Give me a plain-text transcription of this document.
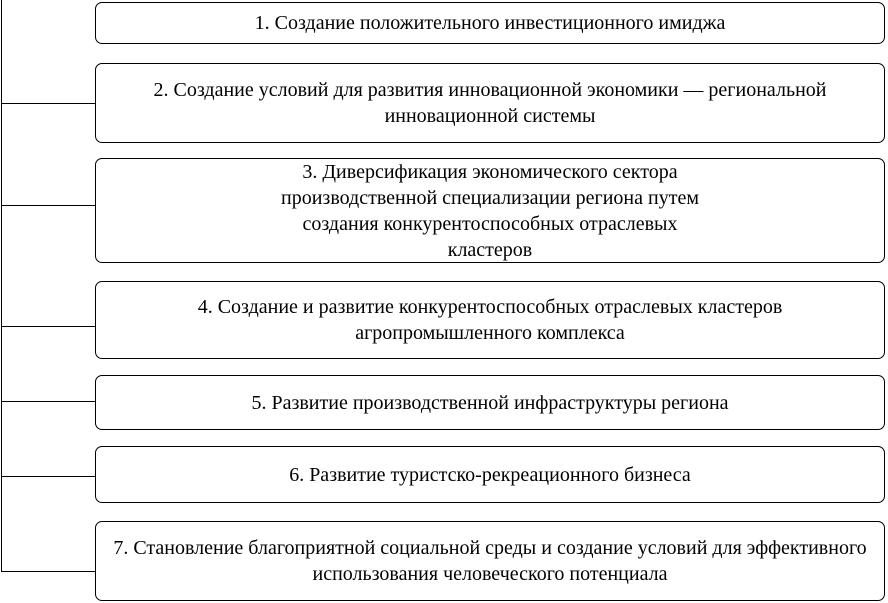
1. Создание положительного инвестиционного имиджа
2. Создание условий для развития инновационной экономики — региональной инновационной системы
3. Диверсификация экономического сектора производственной специализации региона путем создания конкурентоспособных отраслевых кластеров
4. Создание и развитие конкурентоспособных отраслевых кластеров агропромышленного комплекса
5. Развитие производственной инфраструктуры региона
6. Развитие туристско-рекреационного бизнеса
7. Становление благоприятной социальной среды и создание условий для эффективного использования человеческого потенциала
